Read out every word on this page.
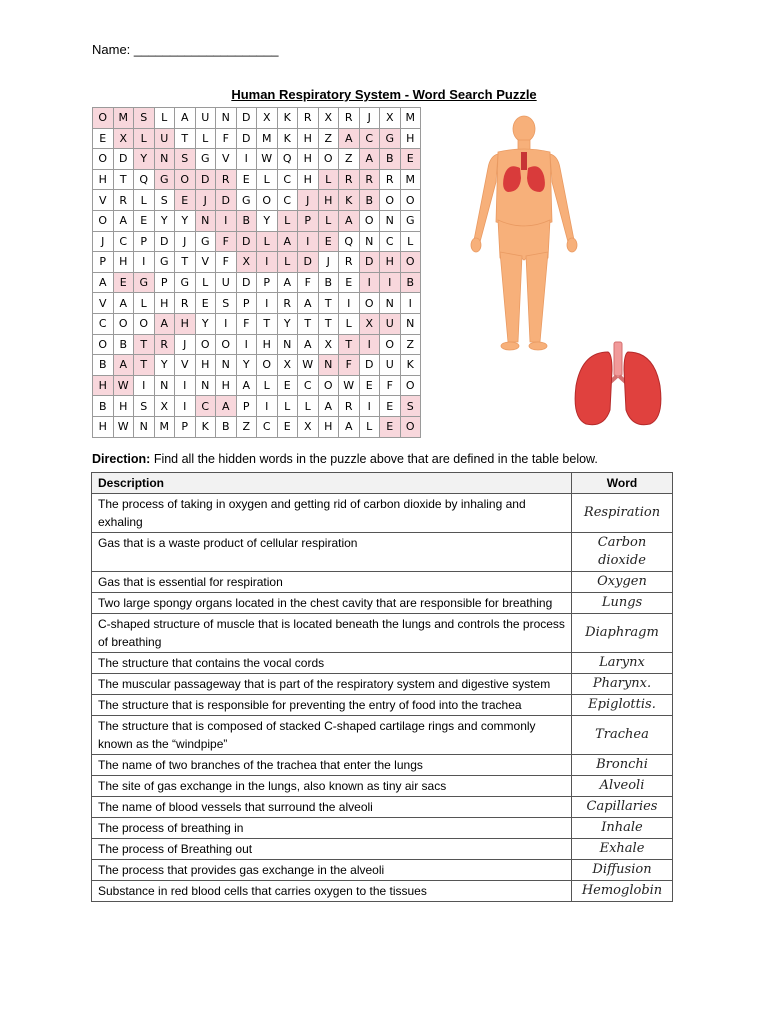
Name: ____________________
Human Respiratory System - Word Search Puzzle
O	M	S	L	A	U	N	D	X	K	R	X	R	J	X	M
E	X	L	U	T	L	F	D	M	K	H	Z	A	C	G	H
O	D	Y	N	S	G	V	I	W	Q	H	O	Z	A	B	E
H	T	Q	G	O	D	R	E	L	C	H	L	R	R	R	M
V	R	L	S	E	J	D	G	O	C	J	H	K	B	O	O
O	A	E	Y	Y	N	I	B	Y	L	P	L	A	O	N	G
J	C	P	D	J	G	F	D	L	A	I	E	Q	N	C	L
P	H	I	G	T	V	F	X	I	L	D	J	R	D	H	O
A	E	G	P	G	L	U	D	P	A	F	B	E	I	I	B
V	A	L	H	R	E	S	P	I	R	A	T	I	O	N	I
C	O	O	A	H	Y	I	F	T	Y	T	T	L	X	U	N
O	B	T	R	J	O	O	I	H	N	A	X	T	I	O	Z
B	A	T	Y	V	H	N	Y	O	X	W	N	F	D	U	K
H	W	I	N	I	N	H	A	L	E	C	O	W	E	F	O
B	H	S	X	I	C	A	P	I	L	L	A	R	I	E	S
H	W	N	M	P	K	B	Z	C	E	X	H	A	L	E	O
Direction: Find all the hidden words in the puzzle above that are defined in the table below.
Description	Word
The process of taking in oxygen and getting rid of carbon dioxide by inhaling and exhaling	Respiration
Gas that is a waste product of cellular respiration	Carbon dioxide
Gas that is essential for respiration	Oxygen
Two large spongy organs located in the chest cavity that are responsible for breathing	Lungs
C-shaped structure of muscle that is located beneath the lungs and controls the process of breathing	Diaphragm
The structure that contains the vocal cords	Larynx
The muscular passageway that is part of the respiratory system and digestive system	Pharynx.
The structure that is responsible for preventing the entry of food into the trachea	Epiglottis.
The structure that is composed of stacked C-shaped cartilage rings and commonly known as the “windpipe”	Trachea
The name of two branches of the trachea that enter the lungs	Bronchi
The site of gas exchange in the lungs, also known as tiny air sacs	Alveoli
The name of blood vessels that surround the alveoli	Capillaries
The process of breathing in	Inhale
The process of Breathing out	Exhale
The process that provides gas exchange in the alveoli	Diffusion
Substance in red blood cells that carries oxygen to the tissues	Hemoglobin
